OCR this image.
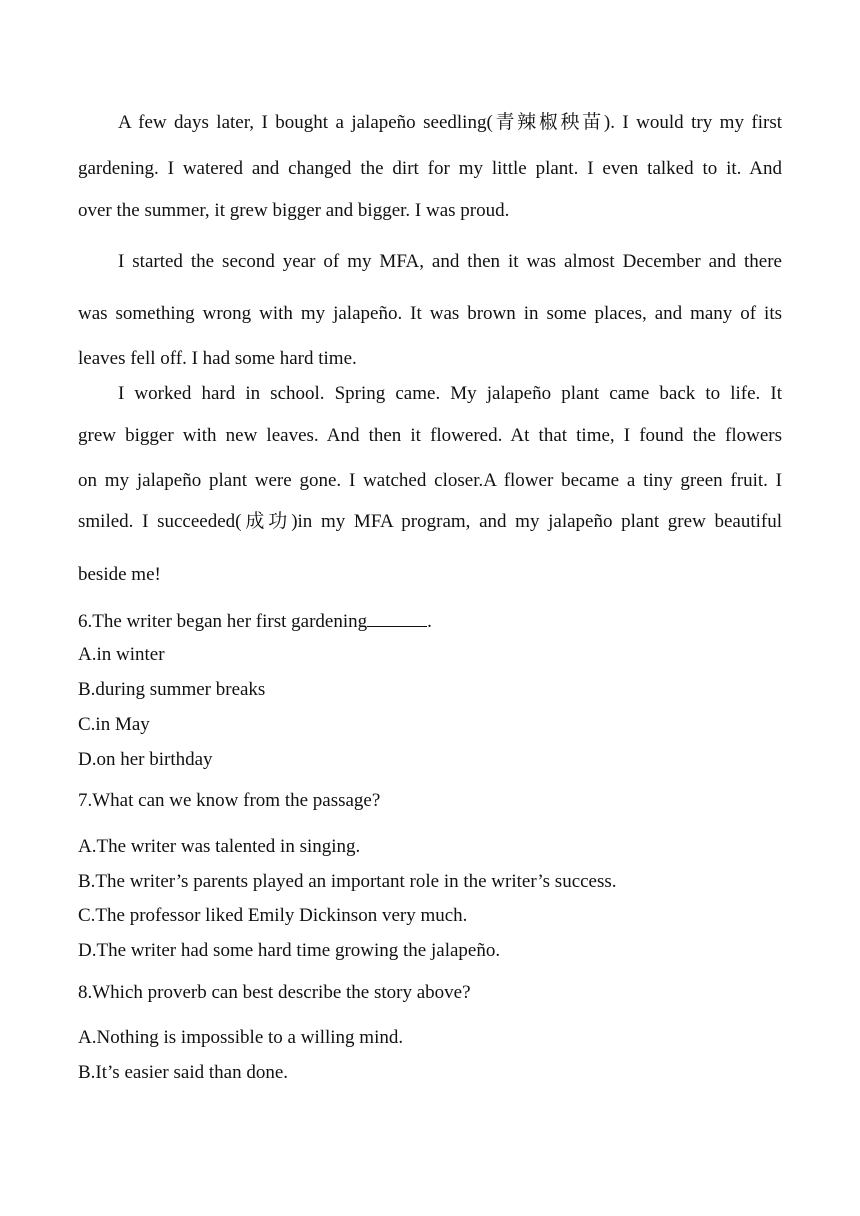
A few days later, I bought a jalapeño seedling(青辣椒秧苗). I would try my first

gardening. I watered and changed the dirt for my little plant. I even talked to it. And

over the summer, it grew bigger and bigger. I was proud.

I started the second year of my MFA, and then it was almost December and there

was something wrong with my jalapeño. It was brown in some places, and many of its

leaves fell off. I had some hard time.

I worked hard in school. Spring came. My jalapeño plant came back to life. It

grew bigger with new leaves. And then it flowered. At that time, I found the flowers

on my jalapeño plant were gone. I watched closer.A flower became a tiny green fruit. I

smiled. I succeeded(成功)in my MFA program, and my jalapeño plant grew beautiful

beside me!

6.The writer began her first gardening	.

A.in winter

B.during summer breaks

C.in May

D.on her birthday

7.What can we know from the passage?

A.The writer was talented in singing.

B.The writer’s parents played an important role in the writer’s success.

C.The professor liked Emily Dickinson very much.

D.The writer had some hard time growing the jalapeño.

8.Which proverb can best describe the story above?

A.Nothing is impossible to a willing mind.

B.It’s easier said than done.
